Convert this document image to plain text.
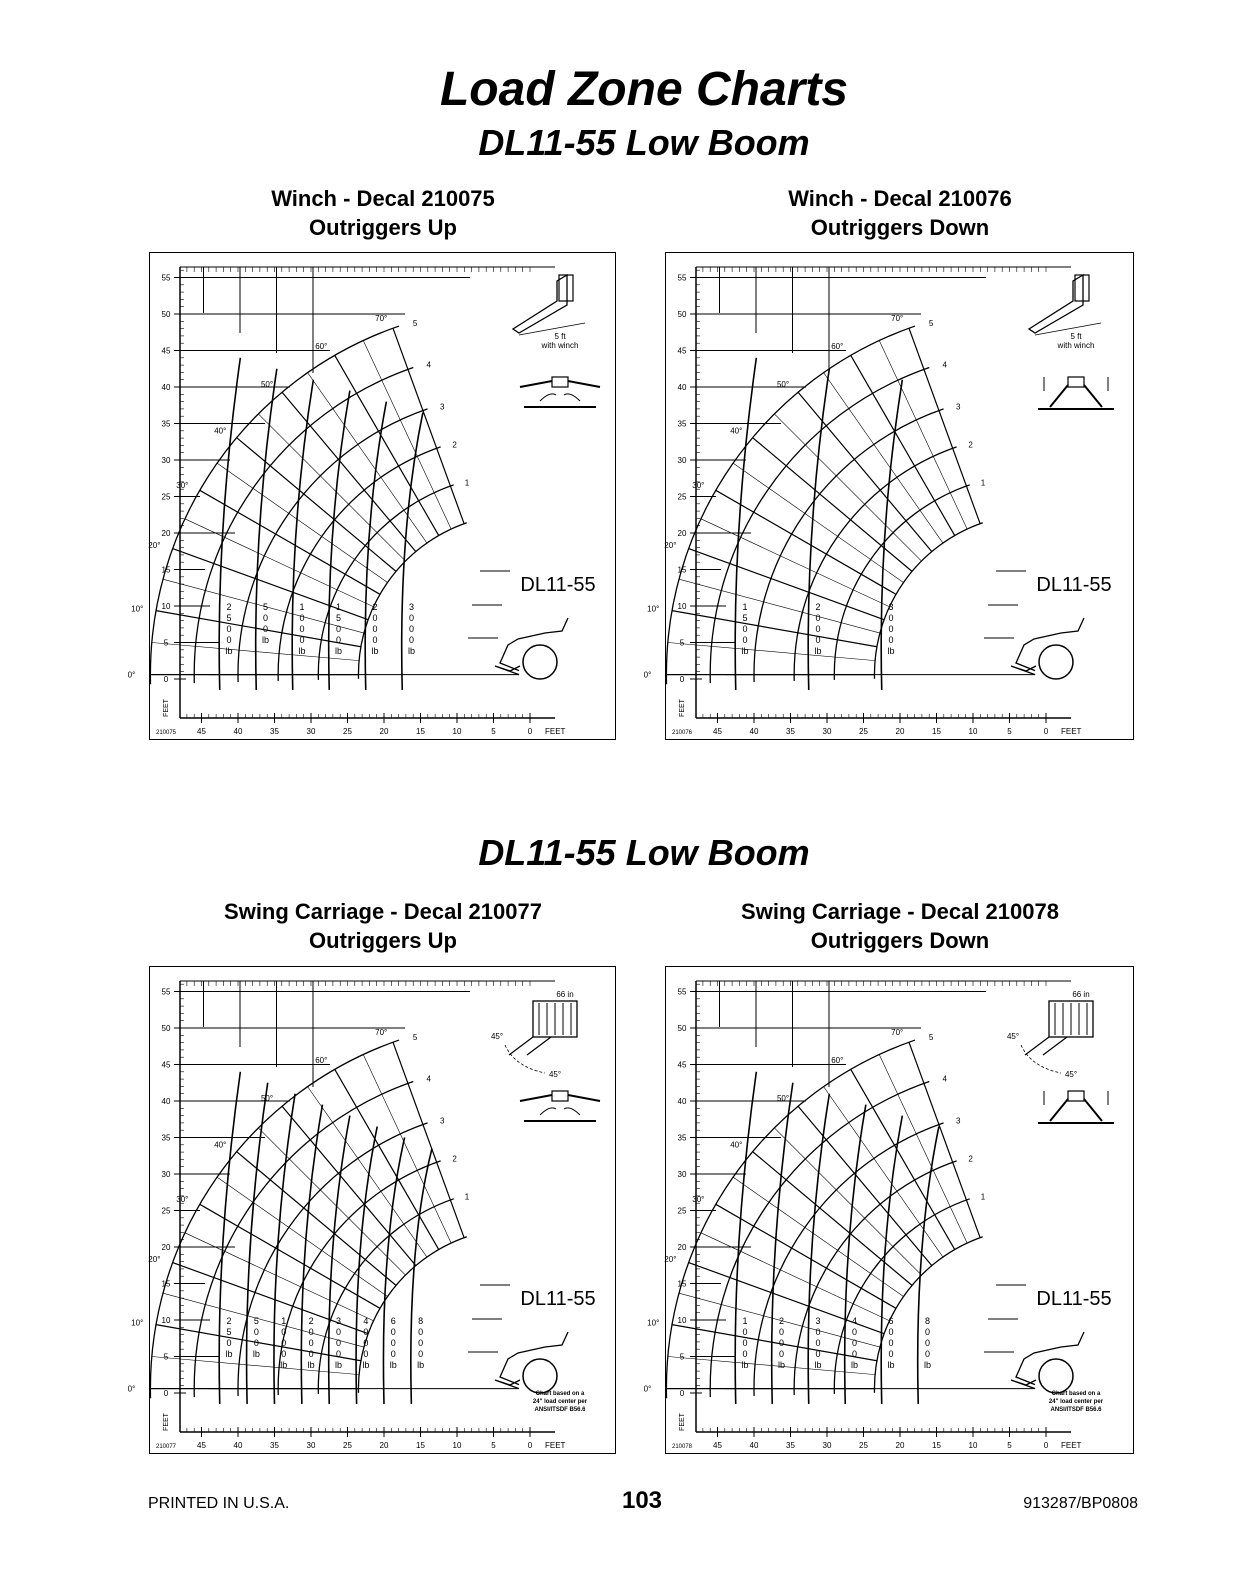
Load Zone Charts
DL11-55 Low Boom
DL11-55 Low Boom
Winch - Decal 210075
Outriggers Up
Winch - Decal 210076
Outriggers Down
Swing Carriage - Decal 210077
Outriggers Up
Swing Carriage - Decal 210078
Outriggers Down
55
50
45
40
35
30
25
20
15
10
5
0
45	40	35	30	25	20	15	10	5	0 FEET
FEET
210075
0°
10°
20°
30°
40°
50°
60°
70°
1
2
3
4
5
2
5
0
0
lb
5
0
0
lb
1
0
0
0
lb
1
5
0
0
lb
2
0
0
0
lb
3
0
0
0
lb
DL11-55
5 ft
with winch
55
50
45
40
35
30
25
20
15
10
5
0
45	40	35	30	25	20	15	10	5	0 FEET
FEET
210076
0°
10°
20°
30°
40°
50°
60°
70°
1
2
3
4
5
1
5
0
0
lb
2
0
0
0
lb
3
0
0
0
lb
DL11-55
5 ft
with winch
55
50
45
40
35
30
25
20
15
10
5
0
45	40	35	30	25	20	15	10	5	0 FEET
FEET
210077
0°
10°
20°
30°
40°
50°
60°
70°
1
2
3
4
5
2
5
0
lb
5
0
0
lb
1
0
0
0
lb
2
0
0
0
lb
3
0
0
0
lb
4
0
0
0
lb
6
0
0
0
lb
8
0
0
0
lb
DL11-55
66 in
45°
45°
Chart based on a
24" load center per
ANSI/ITSDF B56.6
55
50
45
40
35
30
25
20
15
10
5
0
45	40	35	30	25	20	15	10	5	0 FEET
FEET
210078
0°
10°
20°
30°
40°
50°
60°
70°
1
2
3
4
5
1
0
0
0
lb
2
0
0
0
lb
3
0
0
0
lb
4
0
0
0
lb
6
0
0
0
lb
8
0
0
0
lb
DL11-55
66 in
45°
45°
Chart based on a
24" load center per
ANSI/ITSDF B56.6
PRINTED IN U.S.A.	103	913287/BP0808
